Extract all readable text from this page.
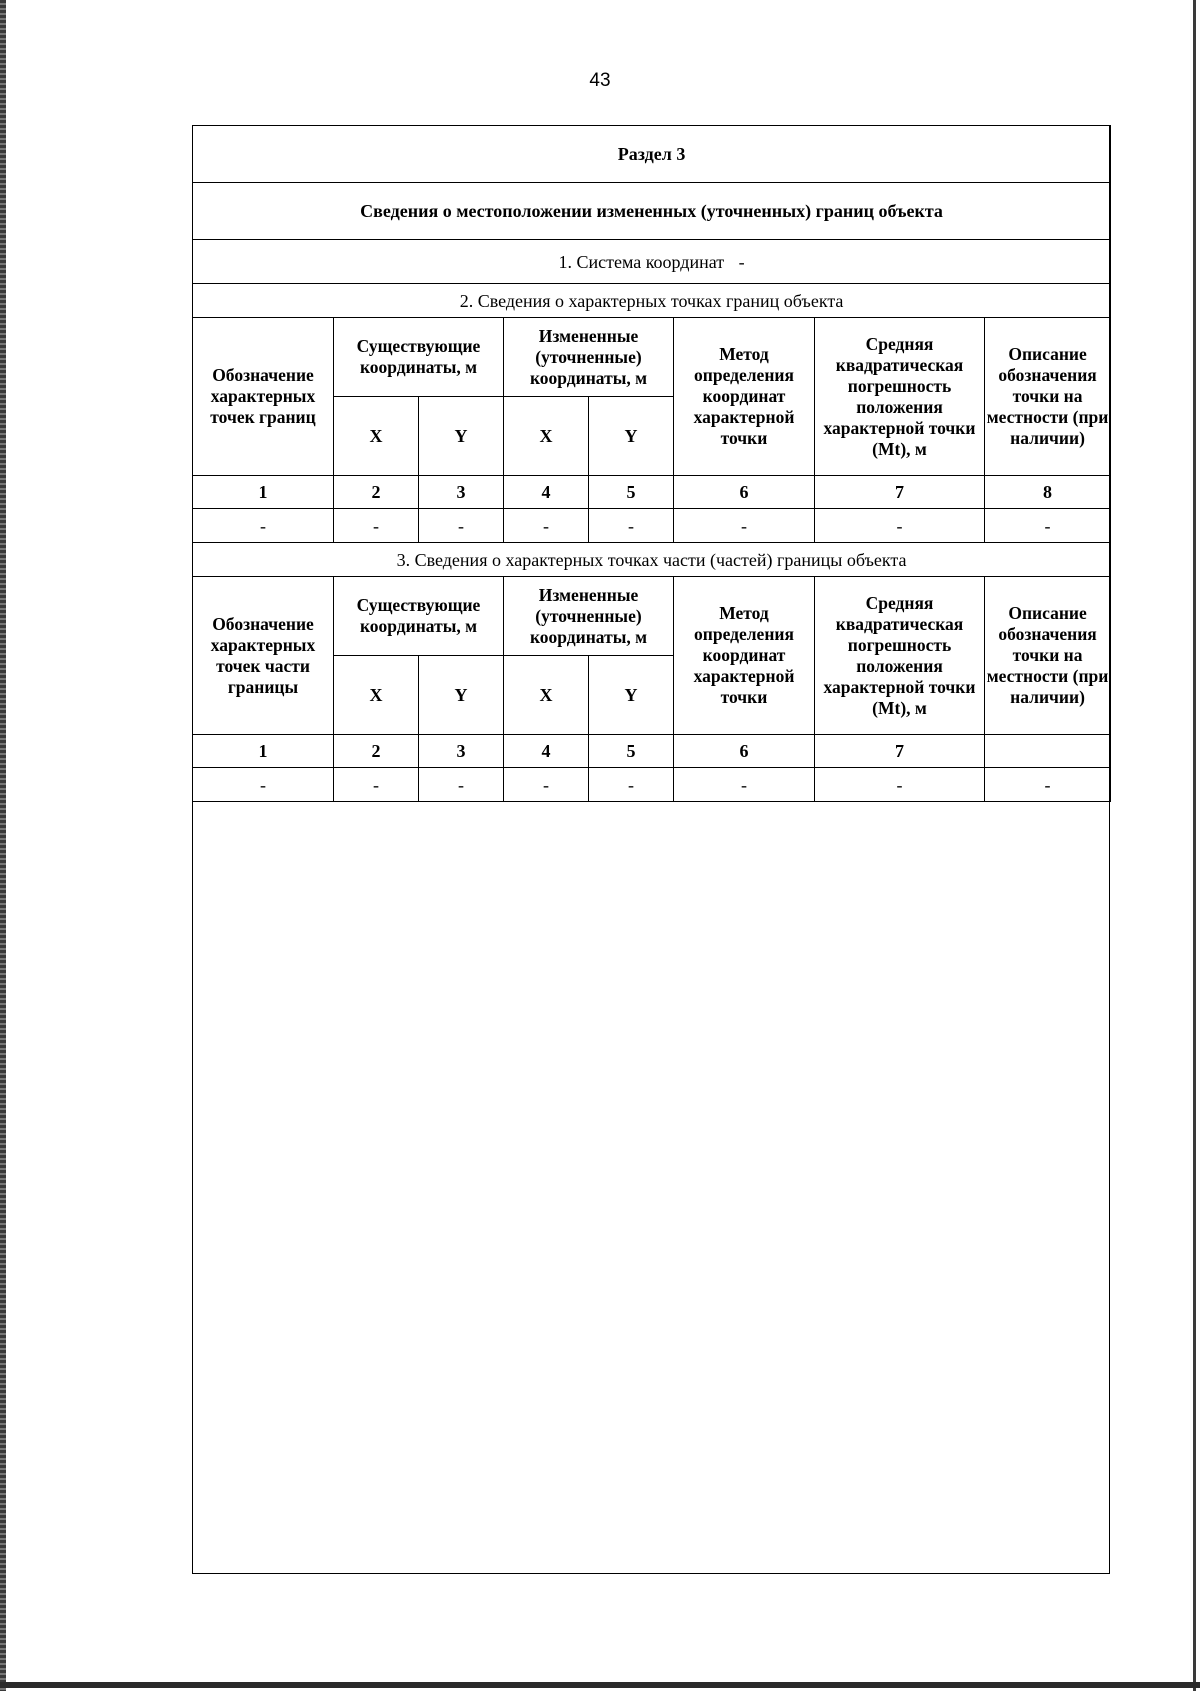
43
Раздел 3							
Сведения о местоположении измененных (уточненных) границ объекта							
1. Система координат -							
2. Сведения о характерных точках границ объекта							
Обозначение характерных точек границ	Существующие координаты, м		Измененные (уточненные) координаты, м		Метод определения координат характерной точки	Средняя квадратическая погрешность положения характерной точки (Mt), м	Описание обозначения точки на местности (при наличии)
	X	Y	X	Y			
1	2	3	4	5	6	7	8
-	-	-	-	-	-	-	-
3. Сведения о характерных точках части (частей) границы объекта							
Обозначение характерных точек части границы	Существующие координаты, м		Измененные (уточненные) координаты, м		Метод определения координат характерной точки	Средняя квадратическая погрешность положения характерной точки (Mt), м	Описание обозначения точки на местности (при наличии)
	X	Y	X	Y			
1	2	3	4	5	6	7	
-	-	-	-	-	-	-	-
